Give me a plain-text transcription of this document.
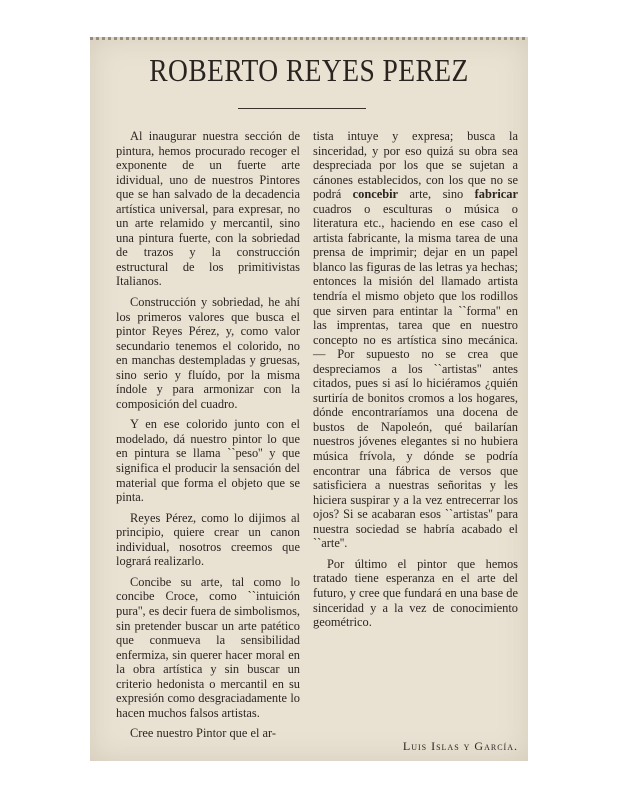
ROBERTO REYES PEREZ

Al inaugurar nuestra sección de pintura, hemos procurado recoger el exponente de un fuerte arte idividual, uno de nuestros Pintores que se han salvado de la decadencia artística universal, para expresar, no un arte relamido y mercantil, sino una pintura fuerte, con la sobriedad de trazos y la construcción estructural de los primitivistas Italianos.

Construcción y sobriedad, he ahí los primeros valores que busca el pintor Reyes Pérez, y, como valor secundario tenemos el colorido, no en manchas destempladas y gruesas, sino serio y fluído, por la misma índole y para armonizar con la composición del cuadro.

Y en ese colorido junto con el modelado, dá nuestro pintor lo que en pintura se llama ``peso'' y que significa el producir la sensación del material que forma el objeto que se pinta.

Reyes Pérez, como lo dijimos al principio, quiere crear un canon individual, nosotros creemos que logrará realizarlo.

Concibe su arte, tal como lo concibe Croce, como ``intuición pura'', es decir fuera de simbolismos, sin pretender buscar un arte patético que conmueva la sensibilidad enfermiza, sin querer hacer moral en la obra artística y sin buscar un criterio hedonista o mercantil en su expresión como desgraciadamente lo hacen muchos falsos artistas.

Cree nuestro Pintor que el ar-

tista intuye y expresa; busca la sinceridad, y por eso quizá su obra sea despreciada por los que se sujetan a cánones establecidos, con los que no se podrá concebir arte, sino fabricar cuadros o esculturas o música o literatura etc., haciendo en ese caso el artista fabricante, la misma tarea de una prensa de imprimir; dejar en un papel blanco las figuras de las letras ya hechas; entonces la misión del llamado artista tendría el mismo objeto que los rodillos que sirven para entintar la ``forma'' en las imprentas, tarea que en nuestro concepto no es artística sino mecánica. — Por supuesto no se crea que despreciamos a los ``artistas'' antes citados, pues si así lo hiciéramos ¿quién surtiría de bonitos cromos a los hogares, dónde encontraríamos una docena de bustos de Napoleón, qué bailarían nuestros jóvenes elegantes si no hubiera música frívola, y dónde se podría encontrar una fábrica de versos que satisficiera a nuestras señoritas y les hiciera suspirar y a la vez entrecerrar los ojos? Si se acabaran esos ``artistas'' para nuestra sociedad se habría acabado el ``arte''.

Por último el pintor que hemos tratado tiene esperanza en el arte del futuro, y cree que fundará en una base de sinceridad y a la vez de conocimiento geométrico.

Luis Islas y García.
